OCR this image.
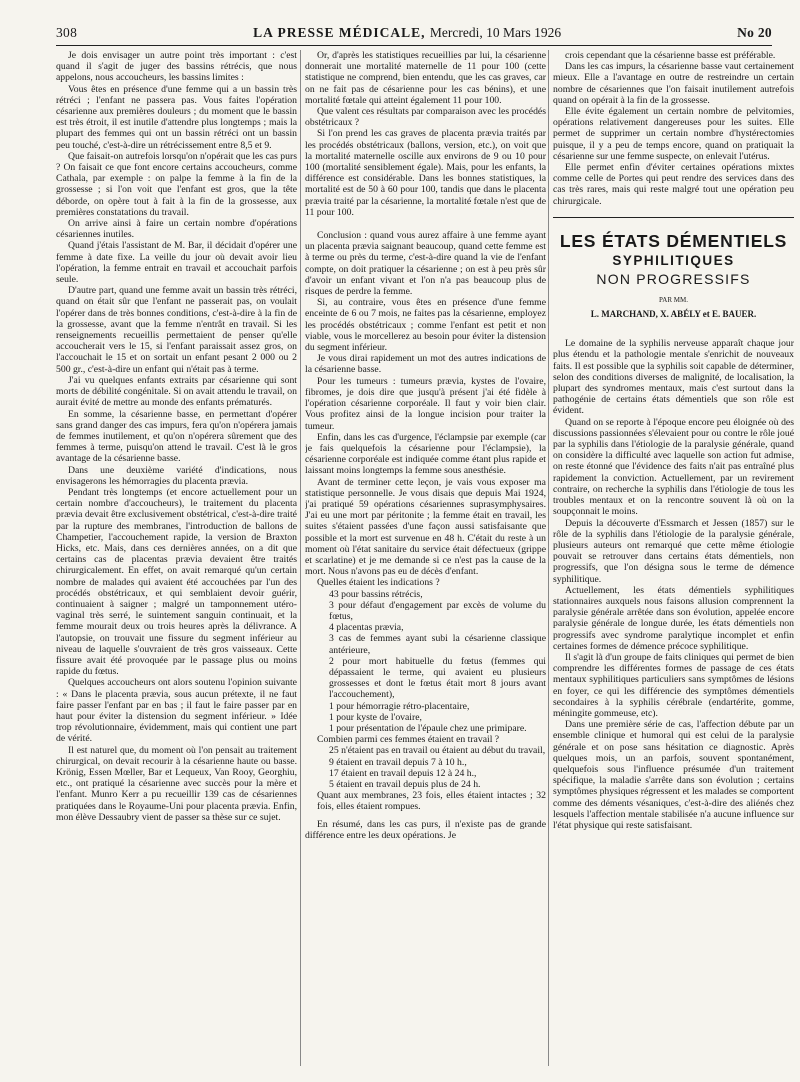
308	LA PRESSE MÉDICALE, Mercredi, 10 Mars 1926	No 20

Je dois envisager un autre point très important : c'est quand il s'agit de juger des bassins rétrécis, que nous appelons, nous accoucheurs, les bassins limites :

Vous êtes en présence d'une femme qui a un bassin très rétréci ; l'enfant ne passera pas. Vous faites l'opération césarienne aux premières douleurs ; du moment que le bassin est très étroit, il est inutile d'attendre plus longtemps ; mais la plupart des femmes qui ont un bassin rétréci ont un bassin peu touché, c'est-à-dire un rétrécissement entre 8,5 et 9.

Que faisait-on autrefois lorsqu'on n'opérait que les cas purs ? On faisait ce que font encore certains accoucheurs, comme Cathala, par exemple : on palpe la femme à la fin de la grossesse ; si l'on voit que l'enfant est gros, que la tête déborde, on opère tout à fait à la fin de la grossesse, aux premières constatations du travail.

On arrive ainsi à faire un certain nombre d'opérations césariennes inutiles.

Quand j'étais l'assistant de M. Bar, il décidait d'opérer une femme à date fixe. La veille du jour où devait avoir lieu l'opération, la femme entrait en travail et accouchait parfois seule.

D'autre part, quand une femme avait un bassin très rétréci, quand on était sûr que l'enfant ne passerait pas, on voulait l'opérer dans de très bonnes conditions, c'est-à-dire à la fin de la grossesse, avant que la femme n'entrât en travail. Si les renseignements recueillis permettaient de penser qu'elle accoucherait vers le 15, si l'enfant paraissait assez gros, on l'accouchait le 15 et on sortait un enfant pesant 2 000 ou 2 500 gr., c'est-à-dire un enfant qui n'était pas à terme.

J'ai vu quelques enfants extraits par césarienne qui sont morts de débilité congénitale. Si on avait attendu le travail, on aurait évité de mettre au monde des enfants prématurés.

En somme, la césarienne basse, en permettant d'opérer sans grand danger des cas impurs, fera qu'on n'opérera jamais de femmes inutilement, et qu'on n'opérera sûrement que des femmes à terme, puisqu'on attend le travail. C'est là le gros avantage de la césarienne basse.

Dans une deuxième variété d'indications, nous envisagerons les hémorragies du placenta prævia.

Pendant très longtemps (et encore actuellement pour un certain nombre d'accoucheurs), le traitement du placenta prævia devait être exclusivement obstétrical, c'est-à-dire traité par la rupture des membranes, l'introduction de ballons de Champetier, l'accouchement rapide, la version de Braxton Hicks, etc. Mais, dans ces dernières années, on a dit que certains cas de placentas prævia devaient être traités chirurgicalement. En effet, on avait remarqué qu'un certain nombre de malades qui avaient été accouchées par l'un des procédés obstétricaux, et qui semblaient devoir guérir, continuaient à saigner ; malgré un tamponnement utéro-vaginal très serré, le suintement sanguin continuait, et la femme mourait deux ou trois heures après la délivrance. A l'autopsie, on trouvait une fissure du segment inférieur au niveau de laquelle s'ouvraient de très gros vaisseaux. Cette fissure avait été provoquée par le passage plus ou moins rapide du fœtus.

Quelques accoucheurs ont alors soutenu l'opinion suivante : « Dans le placenta prævia, sous aucun prétexte, il ne faut faire passer l'enfant par en bas ; il faut le faire passer par en haut pour éviter la distension du segment inférieur. » Idée trop révolutionnaire, évidemment, mais qui contient une part de vérité.

Il est naturel que, du moment où l'on pensait au traitement chirurgical, on devait recourir à la césarienne haute ou basse. Krönig, Essen Mœller, Bar et Lequeux, Van Rooy, Georghiu, etc., ont pratiqué la césarienne avec succès pour la mère et l'enfant. Munro Kerr a pu recueillir 139 cas de césariennes pratiquées dans le Royaume-Uni pour placenta prævia. Enfin, mon élève Dessaubry vient de passer sa thèse sur ce sujet.

Or, d'après les statistiques recueillies par lui, la césarienne donnerait une mortalité maternelle de 11 pour 100 (cette statistique ne comprend, bien entendu, que les cas graves, car on ne fait pas de césarienne pour les cas bénins), et une mortalité fœtale qui atteint également 11 pour 100.

Que valent ces résultats par comparaison avec les procédés obstétricaux ?

Si l'on prend les cas graves de placenta prævia traités par les procédés obstétricaux (ballons, version, etc.), on voit que la mortalité maternelle oscille aux environs de 9 ou 10 pour 100 (mortalité sensiblement égale). Mais, pour les enfants, la différence est considérable. Dans les bonnes statistiques, la mortalité est de 50 à 60 pour 100, tandis que dans le placenta prævia traité par la césarienne, la mortalité fœtale n'est que de 11 pour 100.

Conclusion : quand vous aurez affaire à une femme ayant un placenta prævia saignant beaucoup, quand cette femme est à terme ou près du terme, c'est-à-dire quand la vie de l'enfant compte, on doit pratiquer la césarienne ; on est à peu près sûr d'avoir un enfant vivant et l'on n'a pas beaucoup plus de risques de perdre la femme.

Si, au contraire, vous êtes en présence d'une femme enceinte de 6 ou 7 mois, ne faites pas la césarienne, employez les procédés obstétricaux ; comme l'enfant est petit et non viable, vous le morcellerez au besoin pour éviter la distension du segment inférieur.

Je vous dirai rapidement un mot des autres indications de la césarienne basse.

Pour les tumeurs : tumeurs prævia, kystes de l'ovaire, fibromes, je dois dire que jusqu'à présent j'ai été fidèle à l'opération césarienne corporéale. Il faut y voir bien clair. Vous profitez ainsi de la longue incision pour traiter la tumeur.

Enfin, dans les cas d'urgence, l'éclampsie par exemple (car je fais quelquefois la césarienne pour l'éclampsie), la césarienne corporéale est indiquée comme étant plus rapide et laissant moins longtemps la femme sous anesthésie.

Avant de terminer cette leçon, je vais vous exposer ma statistique personnelle. Je vous disais que depuis Mai 1924, j'ai pratiqué 59 opérations césariennes suprasymphysaires. J'ai eu une mort par péritonite ; la femme était en travail, les suites s'étaient passées d'une façon aussi satisfaisante que possible et la mort est survenue en 48 h. C'était du reste à un moment où l'état sanitaire du service était défectueux (grippe et scarlatine) et je me demande si ce n'est pas la cause de la mort. Nous n'avons pas eu de décès d'enfant.

Quelles étaient les indications ?

43 pour bassins rétrécis,

3 pour défaut d'engagement par excès de volume du fœtus,

4 placentas prævia,

3 cas de femmes ayant subi la césarienne classique antérieure,

2 pour mort habituelle du fœtus (femmes qui dépassaient le terme, qui avaient eu plusieurs grossesses et dont le fœtus était mort 8 jours avant l'accouchement),

1 pour hémorragie rétro-placentaire,

1 pour kyste de l'ovaire,

1 pour présentation de l'épaule chez une primipare.

Combien parmi ces femmes étaient en travail ?

25 n'étaient pas en travail ou étaient au début du travail,

9 étaient en travail depuis 7 à 10 h.,

17 étaient en travail depuis 12 à 24 h.,

5 étaient en travail depuis plus de 24 h.

Quant aux membranes, 23 fois, elles étaient intactes ; 32 fois, elles étaient rompues.

En résumé, dans les cas purs, il n'existe pas de grande différence entre les deux opérations. Je

crois cependant que la césarienne basse est préférable.

Dans les cas impurs, la césarienne basse vaut certainement mieux. Elle a l'avantage en outre de restreindre un certain nombre de césariennes que l'on faisait inutilement autrefois quand on opérait à la fin de la grossesse.

Elle évite également un certain nombre de pelvitomies, opérations relativement dangereuses pour les suites. Elle permet de supprimer un certain nombre d'hystérectomies puisque, il y a peu de temps encore, quand on pratiquait la césarienne sur une femme suspecte, on enlevait l'utérus.

Elle permet enfin d'éviter certaines opérations mixtes comme celle de Portes qui peut rendre des services dans des cas très rares, mais qui reste malgré tout une opération peu chirurgicale.

LES ÉTATS DÉMENTIELS
SYPHILITIQUES
NON PROGRESSIFS
PAR MM.
L. MARCHAND, X. ABÉLY et E. BAUER.

Le domaine de la syphilis nerveuse apparaît chaque jour plus étendu et la pathologie mentale s'enrichit de nouveaux faits. Il est possible que la syphilis soit capable de déterminer, selon des conditions diverses de malignité, de localisation, la plupart des syndromes mentaux, mais c'est surtout dans la pathogénie de certains états démentiels que son rôle est évident.

Quand on se reporte à l'époque encore peu éloignée où des discussions passionnées s'élevaient pour ou contre le rôle joué par la syphilis dans l'étiologie de la paralysie générale, quand on considère la difficulté avec laquelle son action fut admise, on reste étonné que l'évidence des faits n'ait pas entraîné plus rapidement la conviction. Actuellement, par un revirement contraire, on recherche la syphilis dans l'étiologie de tous les troubles mentaux et on la rencontre souvent là où on la soupçonnait le moins.

Depuis la découverte d'Essmarch et Jessen (1857) sur le rôle de la syphilis dans l'étiologie de la paralysie générale, plusieurs auteurs ont remarqué que cette même étiologie pouvait se retrouver dans certains états démentiels, non progressifs, que l'on désigna sous le terme de démence syphilitique.

Actuellement, les états démentiels syphilitiques stationnaires auxquels nous faisons allusion comprennent la paralysie générale arrêtée dans son évolution, appelée encore paralysie générale de longue durée, les états démentiels non progressifs avec syndrome paralytique incomplet et enfin certaines formes de démence précoce syphilitique.

Il s'agit là d'un groupe de faits cliniques qui permet de bien comprendre les différentes formes de passage de ces états mentaux syphilitiques particuliers sans symptômes de lésions en foyer, ce qui les différencie des symptômes démentiels secondaires à la syphilis cérébrale (endartérite, gomme, méningite gommeuse, etc).

Dans une première série de cas, l'affection débute par un ensemble clinique et humoral qui est celui de la paralysie générale et on pose sans hésitation ce diagnostic. Après quelques mois, un an parfois, souvent spontanément, quelquefois sous l'influence présumée d'un traitement spécifique, la maladie s'arrête dans son évolution ; certains symptômes physiques régressent et les malades se comportent comme des déments vésaniques, c'est-à-dire des aliénés chez lesquels l'affection mentale stabilisée n'a aucune influence sur l'état physique qui reste satisfaisant.
